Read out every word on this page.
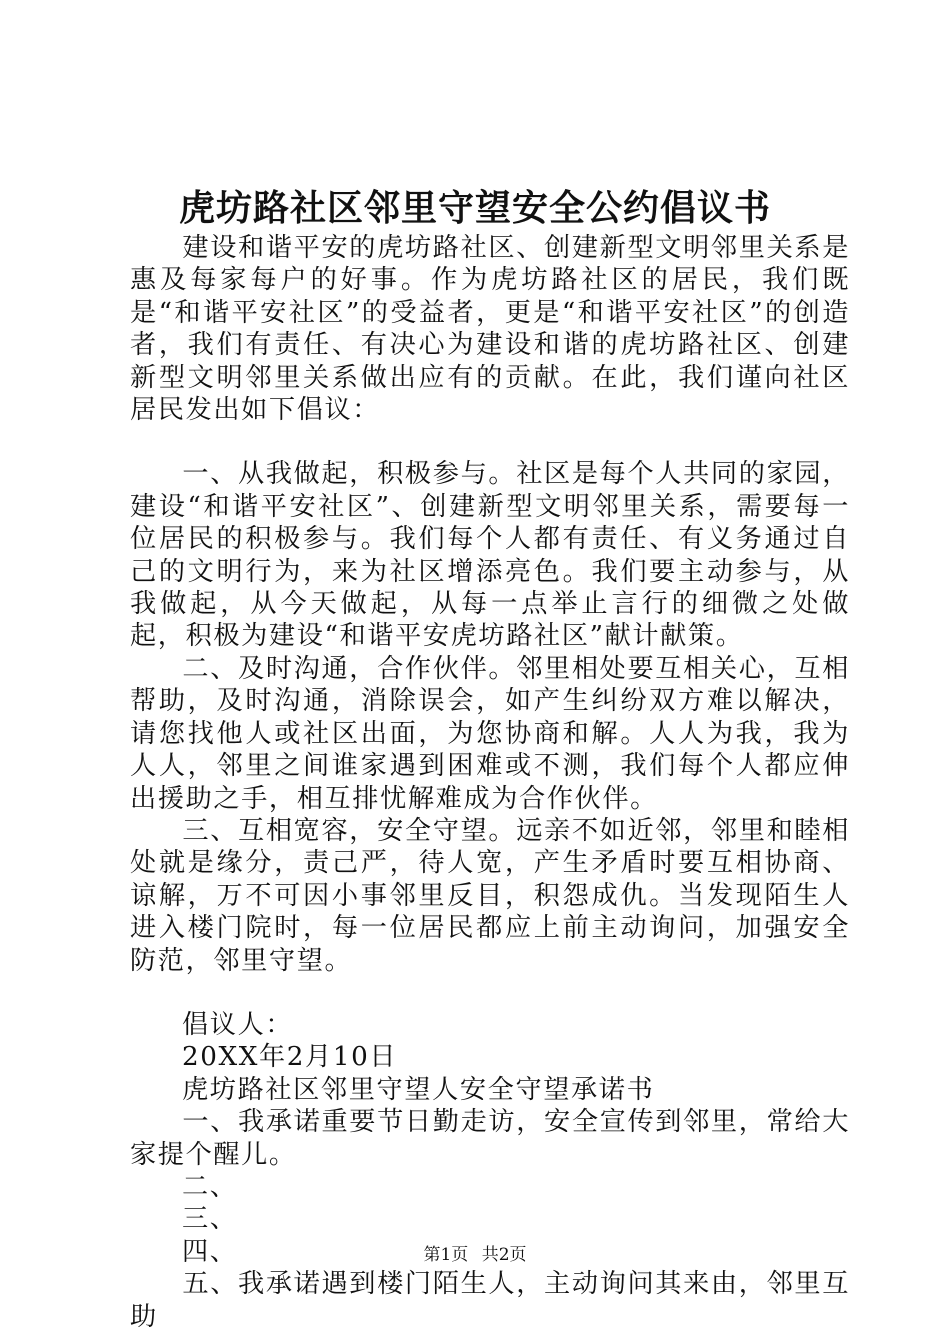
虎坊路社区邻里守望安全公约倡议书

建设和谐平安的虎坊路社区、创建新型文明邻里关系是惠及每家每户的好事。作为虎坊路社区的居民，我们既是“和谐平安社区”的受益者，更是“和谐平安社区”的创造者，我们有责任、有决心为建设和谐的虎坊路社区、创建新型文明邻里关系做出应有的贡献。在此，我们谨向社区居民发出如下倡议：

一、从我做起，积极参与。社区是每个人共同的家园，建设“和谐平安社区”、创建新型文明邻里关系，需要每一位居民的积极参与。我们每个人都有责任、有义务通过自己的文明行为，来为社区增添亮色。我们要主动参与，从我做起，从今天做起，从每一点举止言行的细微之处做起，积极为建设“和谐平安虎坊路社区”献计献策。

二、及时沟通，合作伙伴。邻里相处要互相关心，互相帮助，及时沟通，消除误会，如产生纠纷双方难以解决，请您找他人或社区出面，为您协商和解。人人为我，我为人人，邻里之间谁家遇到困难或不测，我们每个人都应伸出援助之手，相互排忧解难成为合作伙伴。

三、互相宽容，安全守望。远亲不如近邻，邻里和睦相处就是缘分，责己严，待人宽，产生矛盾时要互相协商、谅解，万不可因小事邻里反目，积怨成仇。当发现陌生人进入楼门院时，每一位居民都应上前主动询问，加强安全防范，邻里守望。

倡议人：
20XX年2月10日
虎坊路社区邻里守望人安全守望承诺书

一、我承诺重要节日勤走访，安全宣传到邻里，常给大家提个醒儿。

二、
三、
四、

五、我承诺遇到楼门陌生人，主动询问其来由，邻里互助

第1页 共2页
